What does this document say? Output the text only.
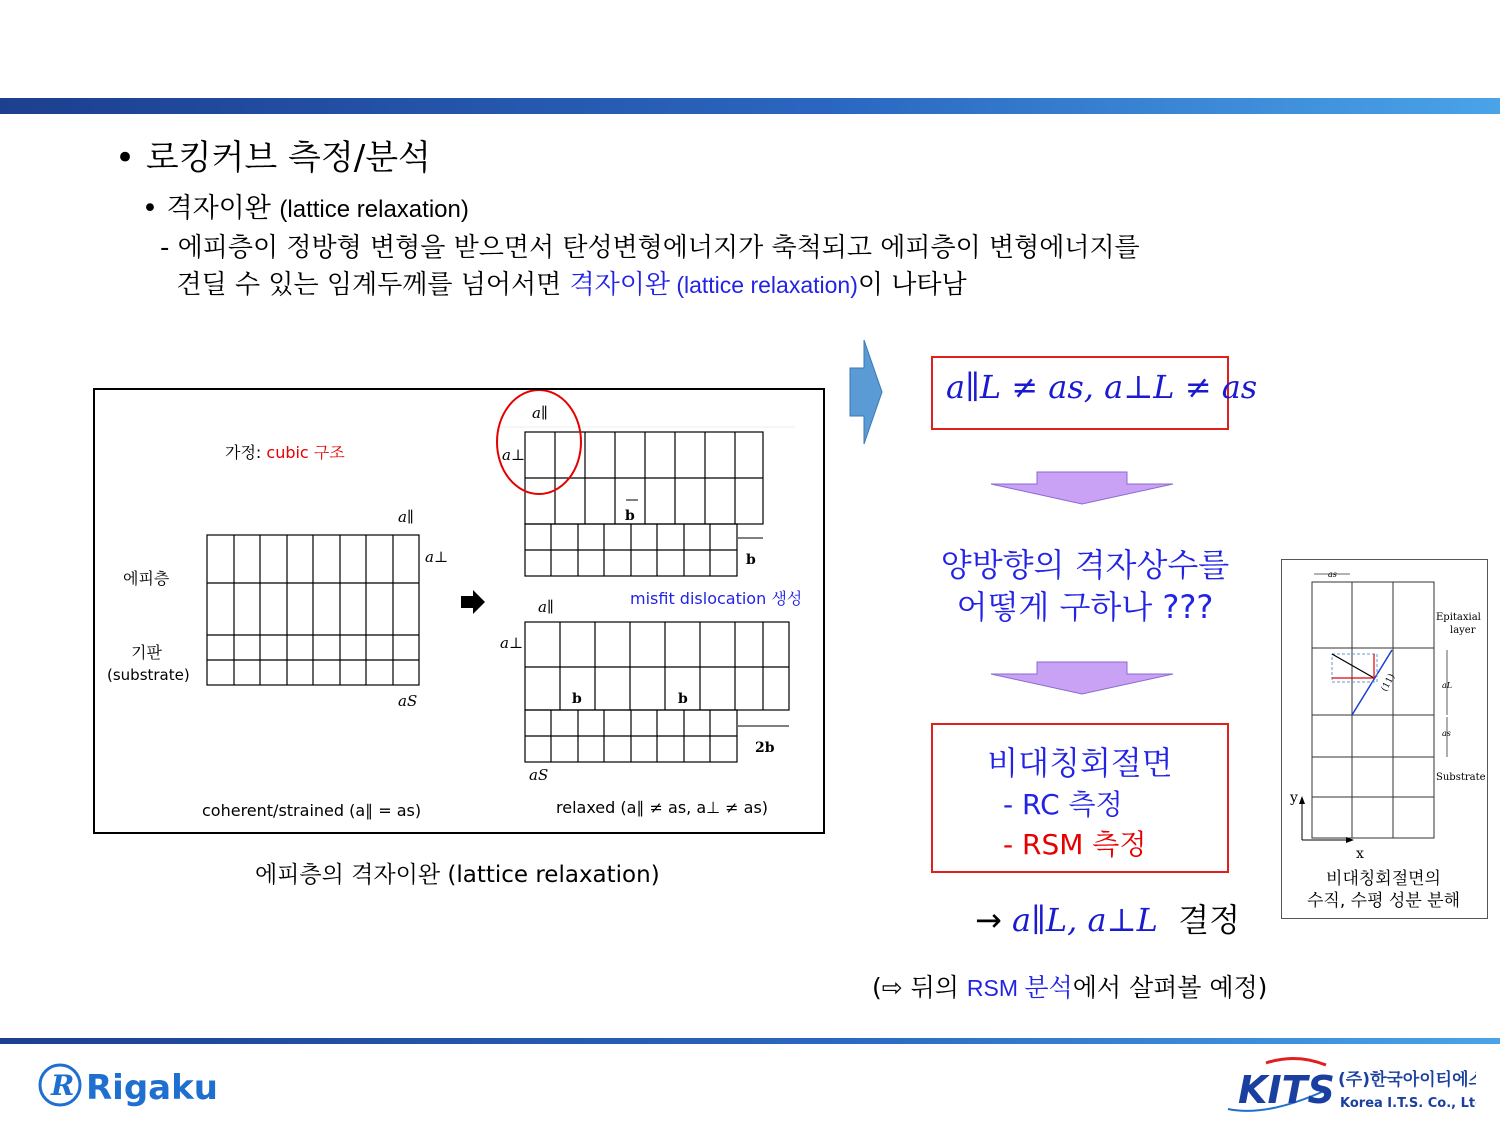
• 로킹커브 측정/분석
• 격자이완 (lattice relaxation)
- 에피층이 정방형 변형을 받으면서 탄성변형에너지가 축척되고 에피층이 변형에너지를
견딜 수 있는 임계두께를 넘어서면 격자이완 (lattice relaxation)이 나타남
가정: cubic 구조
a∥
a⊥
aS
에피층
기판
(substrate)
coherent/strained (a∥ = as)
a∥
a⊥
b
b
misfit dislocation 생성
a∥
a⊥
b	b
2b
aS
relaxed (a∥ ≠ as, a⊥ ≠ as)
에피층의 격자이완 (lattice relaxation)
a∥L ≠ as, a⊥L ≠ as
양방향의 격자상수를
어떻게 구하나 ???
비대칭회절면
- RC 측정
- RSM 측정
→ a∥L, a⊥L  결정
(⇨ 뒤의 RSM 분석에서 살펴볼 예정)
as
Epitaxial
layer
aL
as
Substrate
(11)
y
x
비대칭회절면의
수직, 수평 성분 분해
R Rigaku	KITS (주)한국아이티에스
Korea I.T.S. Co., Ltd.
